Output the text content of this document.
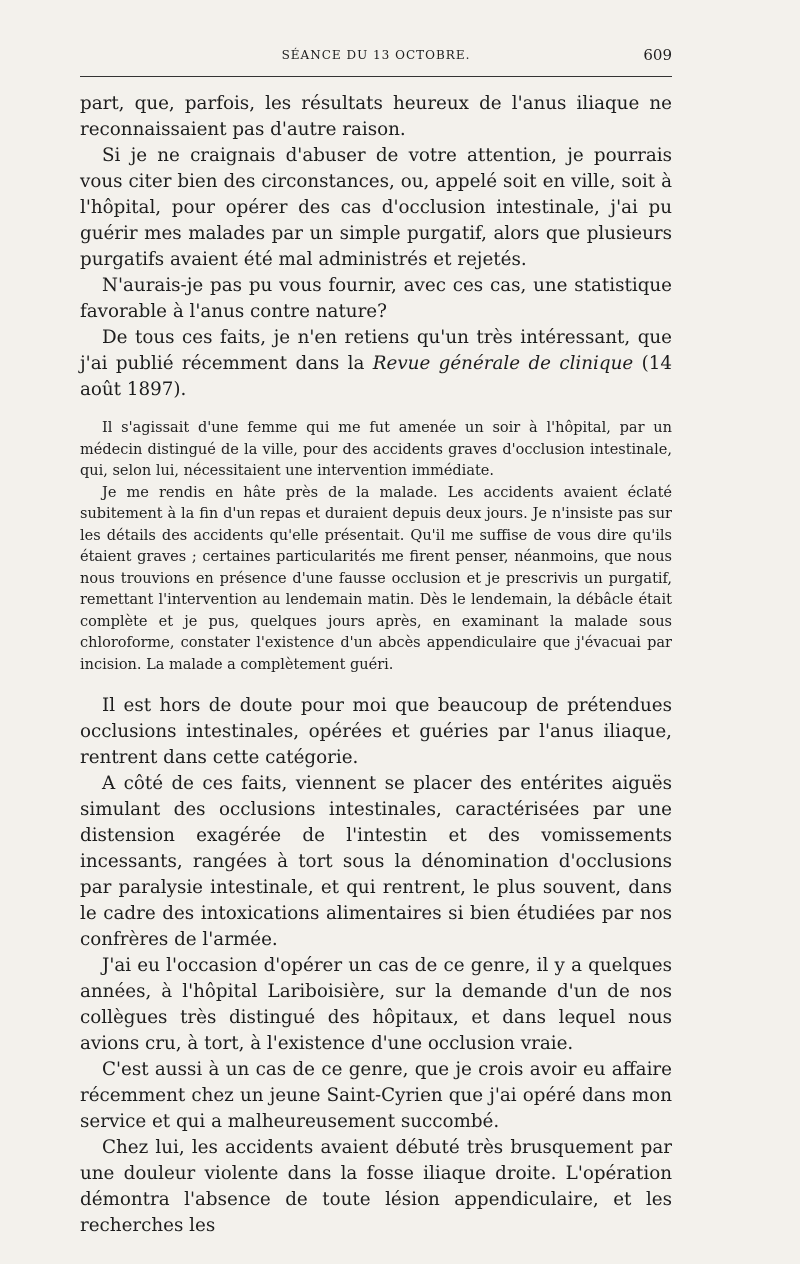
SÉANCE DU 13 OCTOBRE.	609

part, que, parfois, les résultats heureux de l'anus iliaque ne reconnaissaient pas d'autre raison.

Si je ne craignais d'abuser de votre attention, je pourrais vous citer bien des circonstances, ou, appelé soit en ville, soit à l'hôpital, pour opérer des cas d'occlusion intestinale, j'ai pu guérir mes malades par un simple purgatif, alors que plusieurs purgatifs avaient été mal administrés et rejetés.

N'aurais-je pas pu vous fournir, avec ces cas, une statistique favorable à l'anus contre nature?

De tous ces faits, je n'en retiens qu'un très intéressant, que j'ai publié récemment dans la Revue générale de clinique (14 août 1897).

Il s'agissait d'une femme qui me fut amenée un soir à l'hôpital, par un médecin distingué de la ville, pour des accidents graves d'occlusion intestinale, qui, selon lui, nécessitaient une intervention immédiate.

Je me rendis en hâte près de la malade. Les accidents avaient éclaté subitement à la fin d'un repas et duraient depuis deux jours. Je n'insiste pas sur les détails des accidents qu'elle présentait. Qu'il me suffise de vous dire qu'ils étaient graves ; certaines particularités me firent penser, néanmoins, que nous nous trouvions en présence d'une fausse occlusion et je prescrivis un purgatif, remettant l'intervention au lendemain matin. Dès le lendemain, la débâcle était complète et je pus, quelques jours après, en examinant la malade sous chloroforme, constater l'existence d'un abcès appendiculaire que j'évacuai par incision. La malade a complètement guéri.

Il est hors de doute pour moi que beaucoup de prétendues occlusions intestinales, opérées et guéries par l'anus iliaque, rentrent dans cette catégorie.

A côté de ces faits, viennent se placer des entérites aiguës simulant des occlusions intestinales, caractérisées par une distension exagérée de l'intestin et des vomissements incessants, rangées à tort sous la dénomination d'occlusions par paralysie intestinale, et qui rentrent, le plus souvent, dans le cadre des intoxications alimentaires si bien étudiées par nos confrères de l'armée.

J'ai eu l'occasion d'opérer un cas de ce genre, il y a quelques années, à l'hôpital Lariboisière, sur la demande d'un de nos collègues très distingué des hôpitaux, et dans lequel nous avions cru, à tort, à l'existence d'une occlusion vraie.

C'est aussi à un cas de ce genre, que je crois avoir eu affaire récemment chez un jeune Saint-Cyrien que j'ai opéré dans mon service et qui a malheureusement succombé.

Chez lui, les accidents avaient débuté très brusquement par une douleur violente dans la fosse iliaque droite. L'opération démontra l'absence de toute lésion appendiculaire, et les recherches les
